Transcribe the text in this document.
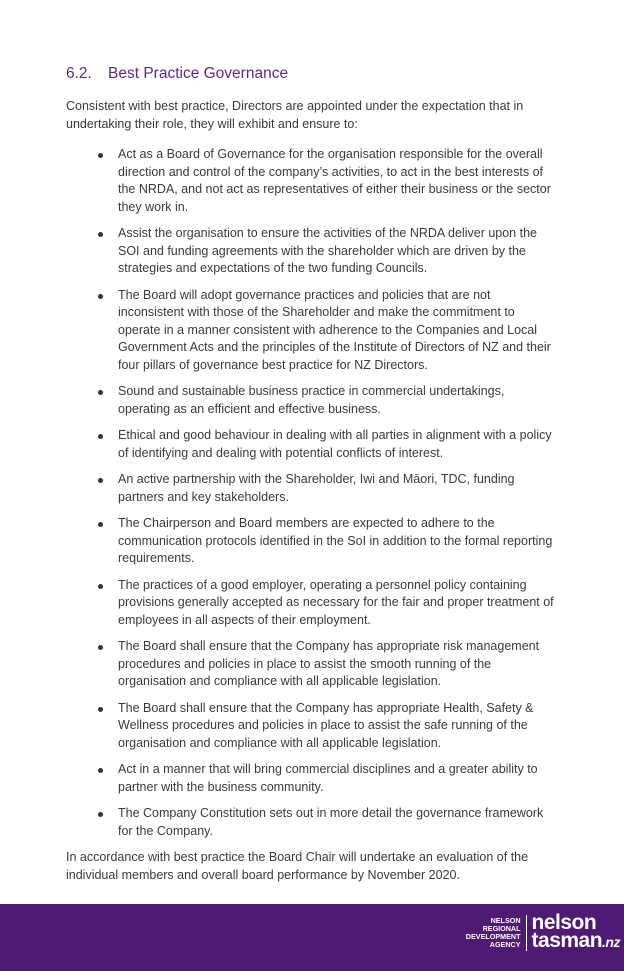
6.2. Best Practice Governance

Consistent with best practice, Directors are appointed under the expectation that in undertaking their role, they will exhibit and ensure to:

Act as a Board of Governance for the organisation responsible for the overall direction and control of the company’s activities, to act in the best interests of the NRDA, and not act as representatives of either their business or the sector they work in.
Assist the organisation to ensure the activities of the NRDA deliver upon the SOI and funding agreements with the shareholder which are driven by the strategies and expectations of the two funding Councils.
The Board will adopt governance practices and policies that are not inconsistent with those of the Shareholder and make the commitment to operate in a manner consistent with adherence to the Companies and Local Government Acts and the principles of the Institute of Directors of NZ and their four pillars of governance best practice for NZ Directors.
Sound and sustainable business practice in commercial undertakings, operating as an efficient and effective business.
Ethical and good behaviour in dealing with all parties in alignment with a policy of identifying and dealing with potential conflicts of interest.
An active partnership with the Shareholder, Iwi and Māori, TDC, funding partners and key stakeholders.
The Chairperson and Board members are expected to adhere to the communication protocols identified in the SoI in addition to the formal reporting requirements.
The practices of a good employer, operating a personnel policy containing provisions generally accepted as necessary for the fair and proper treatment of employees in all aspects of their employment.
The Board shall ensure that the Company has appropriate risk management procedures and policies in place to assist the smooth running of the organisation and compliance with all applicable legislation.
The Board shall ensure that the Company has appropriate Health, Safety & Wellness procedures and policies in place to assist the safe running of the organisation and compliance with all applicable legislation.
Act in a manner that will bring commercial disciplines and a greater ability to partner with the business community.
The Company Constitution sets out in more detail the governance framework for the Company.

In accordance with best practice the Board Chair will undertake an evaluation of the individual members and overall board performance by November 2020.

NELSON
REGIONAL
DEVELOPMENT
AGENCY
nelson
tasman.nz
